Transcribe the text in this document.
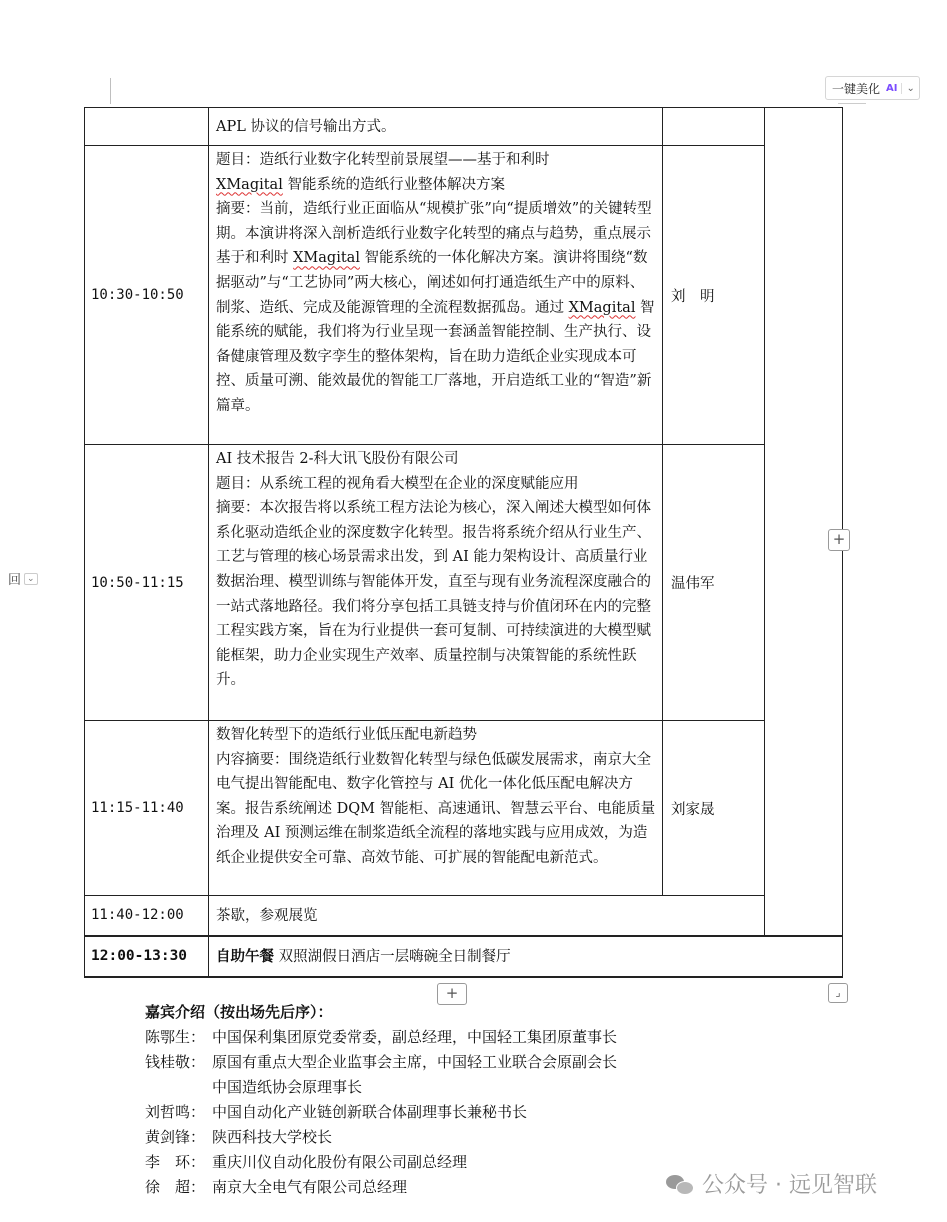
一键美化 AI ⌄
回 ⌄
	APL 协议的信号输出方式。		
10:30-10:50	题目：造纸行业数字化转型前景展望——基于和利时
XMagital 智能系统的造纸行业整体解决方案
摘要：当前，造纸行业正面临从“规模扩张”向“提质增效”的关键转型期。本演讲将深入剖析造纸行业数字化转型的痛点与趋势，重点展示基于和利时 XMagital 智能系统的一体化解决方案。演讲将围绕“数据驱动”与“工艺协同”两大核心，阐述如何打通造纸生产中的原料、制浆、造纸、完成及能源管理的全流程数据孤岛。通过 XMagital 智能系统的赋能，我们将为行业呈现一套涵盖智能控制、生产执行、设备健康管理及数字孪生的整体架构，旨在助力造纸企业实现成本可控、质量可溯、能效最优的智能工厂落地，开启造纸工业的“智造”新篇章。	刘　明	
10:50-11:15	AI 技术报告 2-科大讯飞股份有限公司
题目：从系统工程的视角看大模型在企业的深度赋能应用
摘要：本次报告将以系统工程方法论为核心，深入阐述大模型如何体系化驱动造纸企业的深度数字化转型。报告将系统介绍从行业生产、工艺与管理的核心场景需求出发，到 AI 能力架构设计、高质量行业数据治理、模型训练与智能体开发，直至与现有业务流程深度融合的一站式落地路径。我们将分享包括工具链支持与价值闭环在内的完整工程实践方案，旨在为行业提供一套可复制、可持续演进的大模型赋能框架，助力企业实现生产效率、质量控制与决策智能的系统性跃升。	温伟军	
11:15-11:40	数智化转型下的造纸行业低压配电新趋势
内容摘要：围绕造纸行业数智化转型与绿色低碳发展需求，南京大全电气提出智能配电、数字化管控与 AI 优化一体化低压配电解决方案。报告系统阐述 DQM 智能柜、高速通讯、智慧云平台、电能质量治理及 AI 预测运维在制浆造纸全流程的落地实践与应用成效，为造纸企业提供安全可靠、高效节能、可扩展的智能配电新范式。	刘家晟	
11:40-12:00	茶歇，参观展览		
12:00-13:30	自助午餐 双照湖假日酒店一层嗨碗全日制餐厅		
+
+	⌟
嘉宾介绍（按出场先后序）：
陈鄂生： 中国保利集团原党委常委，副总经理，中国轻工集团原董事长
钱桂敬： 原国有重点大型企业监事会主席，中国轻工业联合会原副会长
中国造纸协会原理事长
刘哲鸣： 中国自动化产业链创新联合体副理事长兼秘书长
黄剑锋： 陕西科技大学校长
李　环： 重庆川仪自动化股份有限公司副总经理
徐　超： 南京大全电气有限公司总经理	公众号 · 远见智联
